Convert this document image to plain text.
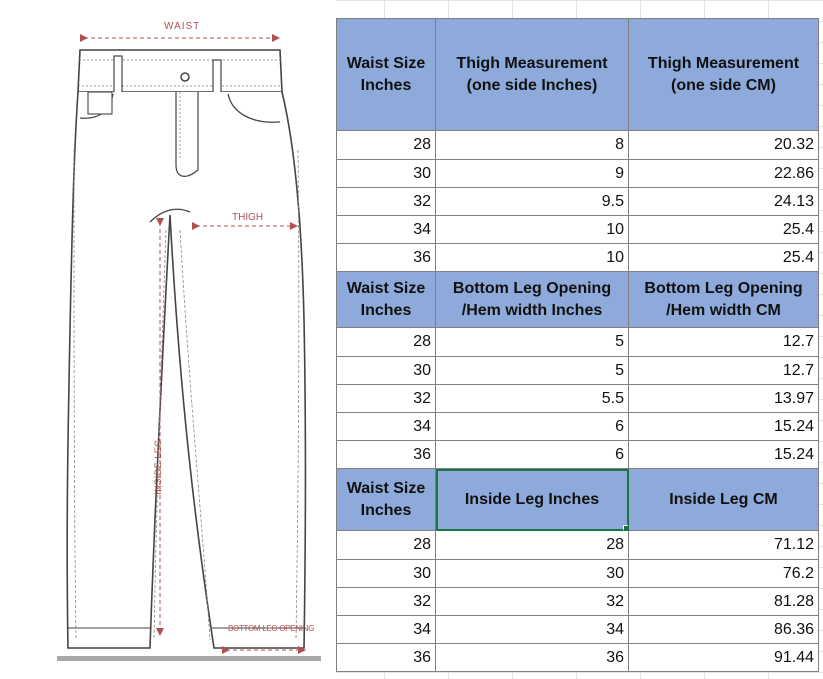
WAIST
THIGH
INSIDE LEG
BOTTOM LEG OPENING
Waist Size Inches	Thigh Measurement (one side Inches)	Thigh Measurement (one side CM)
28	8	20.32
30	9	22.86
32	9.5	24.13
34	10	25.4
36	10	25.4
Waist Size Inches	Bottom Leg Opening /Hem width Inches	Bottom Leg Opening /Hem width CM
28	5	12.7
30	5	12.7
32	5.5	13.97
34	6	15.24
36	6	15.24
Waist Size Inches	Inside Leg Inches	Inside Leg CM
28	28	71.12
30	30	76.2
32	32	81.28
34	34	86.36
36	36	91.44
